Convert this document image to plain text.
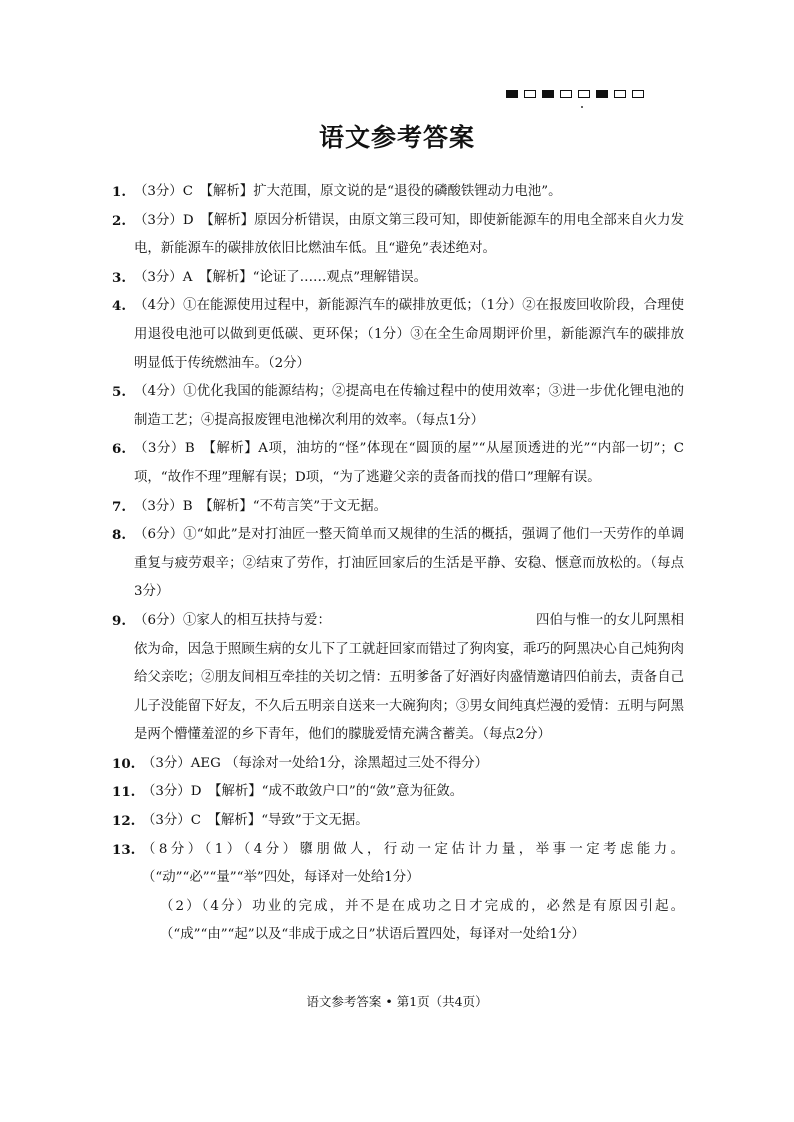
语文参考答案
1. （3分）C　【解析】扩大范围，原文说的是“退役的磷酸铁锂动力电池”。
2. （3分）D　【解析】原因分析错误，由原文第三段可知，即使新能源车的用电全部来自火力发电，新能源车的碳排放依旧比燃油车低。且“避免”表述绝对。
3. （3分）A　【解析】“论证了……观点”理解错误。
4. （4分）①在能源使用过程中，新能源汽车的碳排放更低；（1分）②在报废回收阶段，合理使用退役电池可以做到更低碳、更环保；（1分）③在全生命周期评价里，新能源汽车的碳排放明显低于传统燃油车。（2分）
5. （4分）①优化我国的能源结构；②提高电在传输过程中的使用效率；③进一步优化锂电池的制造工艺；④提高报废锂电池梯次利用的效率。（每点1分）
6. （3分）B　【解析】A项，油坊的“怪”体现在“圆顶的屋”“从屋顶透进的光”“内部一切”；C项，“故作不理”理解有误；D项，“为了逃避父亲的责备而找的借口”理解有误。
7. （3分）B　【解析】“不苟言笑”于文无据。
8. （6分）①“如此”是对打油匠一整天简单而又规律的生活的概括，强调了他们一天劳作的单调重复与疲劳艰辛；②结束了劳作，打油匠回家后的生活是平静、安稳、惬意而放松的。（每点3分）
9. （6分）①家人的相互扶持与爱：	四伯与惟一的女儿阿黑相依为命，因急于照顾生病的女儿下了工就赶回家而错过了狗肉宴，乖巧的阿黑决心自己炖狗肉给父亲吃；②朋友间相互牵挂的关切之情：五明爹备了好酒好肉盛情邀请四伯前去，责备自己儿子没能留下好友，不久后五明亲自送来一大碗狗肉；③男女间纯真烂漫的爱情：五明与阿黑是两个懵懂羞涩的乡下青年，他们的朦胧爱情充满含蓄美。（每点2分）
10. （3分）AEG （每涂对一处给1分，涂黑超过三处不得分）
11. （3分）D　【解析】“成不敢敛户口”的“敛”意为征敛。
12. （3分）C　【解析】“导致”于文无据。
13. （8分）（1）（4分）隳朋做人，行动一定估计力量，举事一定考虑能力。（“动”“必”“量”“举”四处，每译对一处给1分）
（2）（4分）功业的完成，并不是在成功之日才完成的，必然是有原因引起。（“成”“由”“起”以及“非成于成之日”状语后置四处，每译对一处给1分）
语文参考答案 • 第1页（共4页）
